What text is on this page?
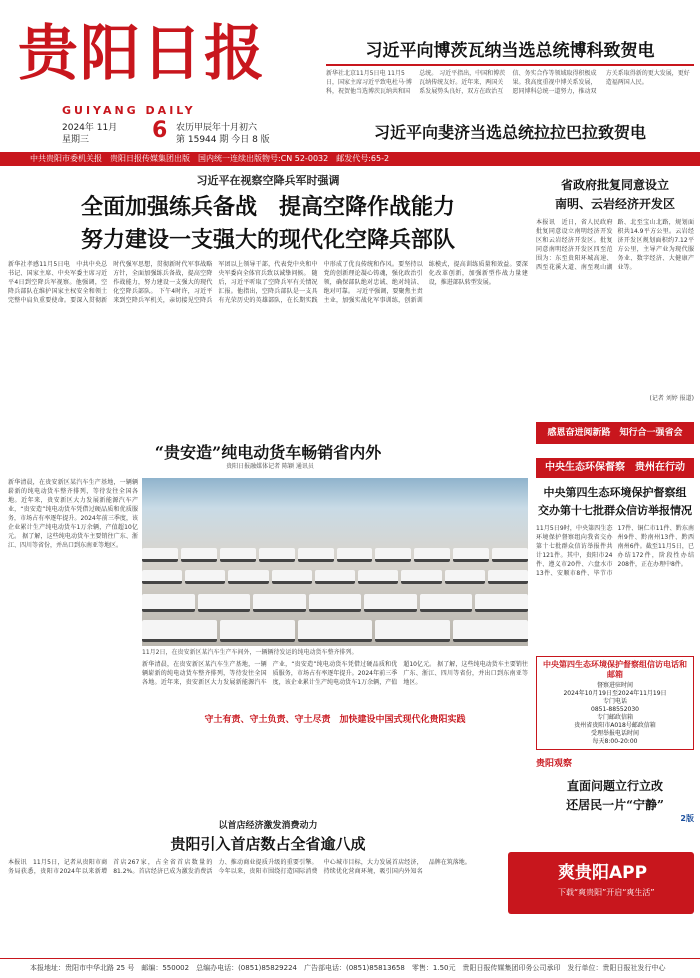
贵阳日报
GUIYANG DAILY
2024年 11月
星期三	6 农历甲辰年十月初六
第 15944 期 今日 8 版
习近平向博茨瓦纳当选总统博科致贺电
新华社北京11月5日电 11月5日，国家主席习近平致电杜马·博科，祝贺他当选博茨瓦纳共和国总统。 习近平指出，中国和博茨瓦纳传统友好。近年来，两国关系发展势头良好，双方在政治互信、务实合作等领域取得积极成果。我高度重视中博关系发展，愿同博科总统一道努力，推动双方关系取得新的更大发展，更好造福两国人民。
习近平向斐济当选总统拉拉巴拉致贺电
中共贵阳市委机关报　贵阳日报传媒集团出版　国内统一连续出版物号:CN 52-0032　邮发代号:65-2
习近平在视察空降兵军时强调
全面加强练兵备战　提高空降作战能力
努力建设一支强大的现代化空降兵部队
新华社孝感11月5日电　中共中央总书记、国家主席、中央军委主席习近平4日到空降兵军视察。他强调，空降兵部队在维护国家主权安全和领土完整中肩负重要使命。要深入贯彻新时代强军思想，贯彻新时代军事战略方针，全面加强练兵备战，提高空降作战能力，努力建设一支强大的现代化空降兵部队。 下午4时许，习近平来到空降兵军机关，亲切接见空降兵军团以上领导干部，代表党中央和中央军委向全体官兵致以诚挚问候。 随后，习近平听取了空降兵军有关情况汇报。他指出，空降兵部队是一支具有光荣历史的英雄部队，在长期实践中形成了优良传统和作风。要坚持以党的创新理论凝心铸魂，强化政治引领，确保部队绝对忠诚、绝对纯洁、绝对可靠。 习近平强调，要聚焦主责主业，加强实战化军事训练，创新训练模式，提高训练质量和效益。要深化改革创新，加强新型作战力量建设，推进部队转型发展。
省政府批复同意设立
南明、云岩经济开发区
本报讯　近日，省人民政府批复同意设立南明经济开发区和云岩经济开发区。批复同意南明经济开发区四至范围为：东至贵阳环城高速、西至花溪大道、南至观山湖路、北至宝山北路，规划面积共14.9平方公里。云岩经济开发区规划面积约7.12平方公里，主导产业为现代服务业、数字经济、大健康产业等。
(记者 刘婷 报道)
感恩奋进阅新路　知行合一强省会
“贵安造”纯电动货车畅销省内外
贵阳日报融媒体记者 陈颖 通讯员
新华清晨，在贵安新区某汽车生产基地，一辆辆崭新的纯电动货车整齐排列，等待发往全国各地。近年来，贵安新区大力发展新能源汽车产业，“贵安造”纯电动货车凭借过硬品质和优质服务，市场占有率逐年提升。2024年前三季度，该企业累计生产纯电动货车1万余辆，产值超10亿元。 据了解，这些纯电动货车主要销往广东、浙江、四川等省份，并出口到东南亚等地区。
11月2日，在贵安新区某汽车生产车间外，一辆辆待发运的纯电动货车整齐排列。
新华清晨，在贵安新区某汽车生产基地，一辆辆崭新的纯电动货车整齐排列，等待发往全国各地。近年来，贵安新区大力发展新能源汽车产业，“贵安造”纯电动货车凭借过硬品质和优质服务，市场占有率逐年提升。2024年前三季度，该企业累计生产纯电动货车1万余辆，产值超10亿元。 据了解，这些纯电动货车主要销往广东、浙江、四川等省份，并出口到东南亚等地区。
守土有责、守土负责、守土尽责　加快建设中国式现代化贵阳实践
中央生态环保督察　贵州在行动
中央第四生态环境保护督察组
交办第十七批群众信访举报情况
11月5日9时，中央第四生态环境保护督察组向我省交办第十七批群众信访举报件共计121件。其中，贵阳市24件、遵义市20件、六盘水市13件、安顺市8件、毕节市17件、铜仁市11件、黔东南州9件、黔南州13件、黔西南州6件。截至11月5日，已办结172件，阶段性办结208件，正在办理中8件。
中央第四生态环境保护督察组信访电话和邮箱
督察进驻时间
2024年10月19日至2024年11月19日
专门电话
0851-88552030
专门邮政信箱
贵州省贵阳市A018号邮政信箱
受理举报电话时间
每天8:00-20:00
贵阳观察
直面问题立行立改
还居民一片“宁静”
2版
以首店经济激发消费动力
贵阳引入首店数占全省逾八成
本报讯　11月5日，记者从贵阳市商务局获悉，贵阳市2024年以来新增首店267家，占全省首店数量的81.2%。首店经济已成为激发消费活力、推动商业提质升级的重要引擎。今年以来，贵阳市围绕打造国际消费中心城市目标，大力发展首店经济，持续优化营商环境，吸引国内外知名品牌在筑落地。
爽贵阳APP
下载“爽贵阳”开启“爽生活”
本报地址：贵阳市中华北路 25 号　邮编：550002　总编办电话：(0851)85829224　广告部电话：(0851)85813658　零售：1.50元　贵阳日报传媒集团印务公司承印　发行单位：贵阳日报社发行中心
